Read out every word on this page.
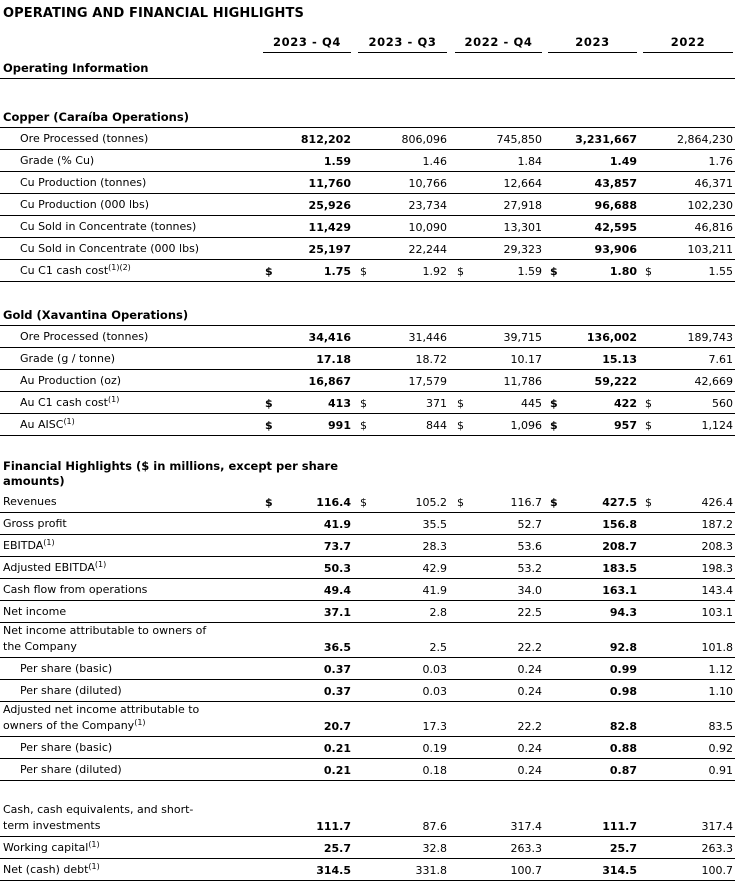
OPERATING AND FINANCIAL HIGHLIGHTS

	2023 - Q4	2023 - Q3	2022 - Q4	2023	2022

Operating Information					

Copper (Caraíba Operations)					

Ore Processed (tonnes)	812,202	806,096	745,850	3,231,667	2,864,230

Grade (% Cu)	1.59	1.46	1.84	1.49	1.76

Cu Production (tonnes)	11,760	10,766	12,664	43,857	46,371

Cu Production (000 lbs)	25,926	23,734	27,918	96,688	102,230

Cu Sold in Concentrate (tonnes)	11,429	10,090	13,301	42,595	46,816

Cu Sold in Concentrate (000 lbs)	25,197	22,244	29,323	93,906	103,211

Cu C1 cash cost$^{(1)(2)}$	$ 1.75	$ 1.92	$ 1.59	$ 1.80	$ 1.55

Gold (Xavantina Operations)					

Ore Processed (tonnes)	34,416	31,446	39,715	136,002	189,743

Grade (g / tonne)	17.18	18.72	10.17	15.13	7.61

Au Production (oz)	16,867	17,579	11,786	59,222	42,669

Au C1 cash cost$^{(1)}$	$ 413	$ 371	$ 445	$ 422	$ 560

Au AISC$^{(1)}$	$ 991	$ 844	$ 1,096	$ 957	$ 1,124

Financial Highlights ($ in millions, except per share
amounts)					

Revenues	$ 116.4	$ 105.2	$ 116.7	$ 427.5	$ 426.4

Gross profit	41.9	35.5	52.7	156.8	187.2

EBITDA$^{(1)}$	73.7	28.3	53.6	208.7	208.3

Adjusted EBITDA$^{(1)}$	50.3	42.9	53.2	183.5	198.3

Cash flow from operations	49.4	41.9	34.0	163.1	143.4

Net income	37.1	2.8	22.5	94.3	103.1

Net income attributable to owners of
the Company	36.5	2.5	22.2	92.8	101.8

Per share (basic)	0.37	0.03	0.24	0.99	1.12

Per share (diluted)	0.37	0.03	0.24	0.98	1.10

Adjusted net income attributable to
owners of the Company$^{(1)}$	20.7	17.3	22.2	82.8	83.5

Per share (basic)	0.21	0.19	0.24	0.88	0.92

Per share (diluted)	0.21	0.18	0.24	0.87	0.91

Cash, cash equivalents, and short-
term investments	111.7	87.6	317.4	111.7	317.4

Working capital$^{(1)}$	25.7	32.8	263.3	25.7	263.3

Net (cash) debt$^{(1)}$	314.5	331.8	100.7	314.5	100.7
